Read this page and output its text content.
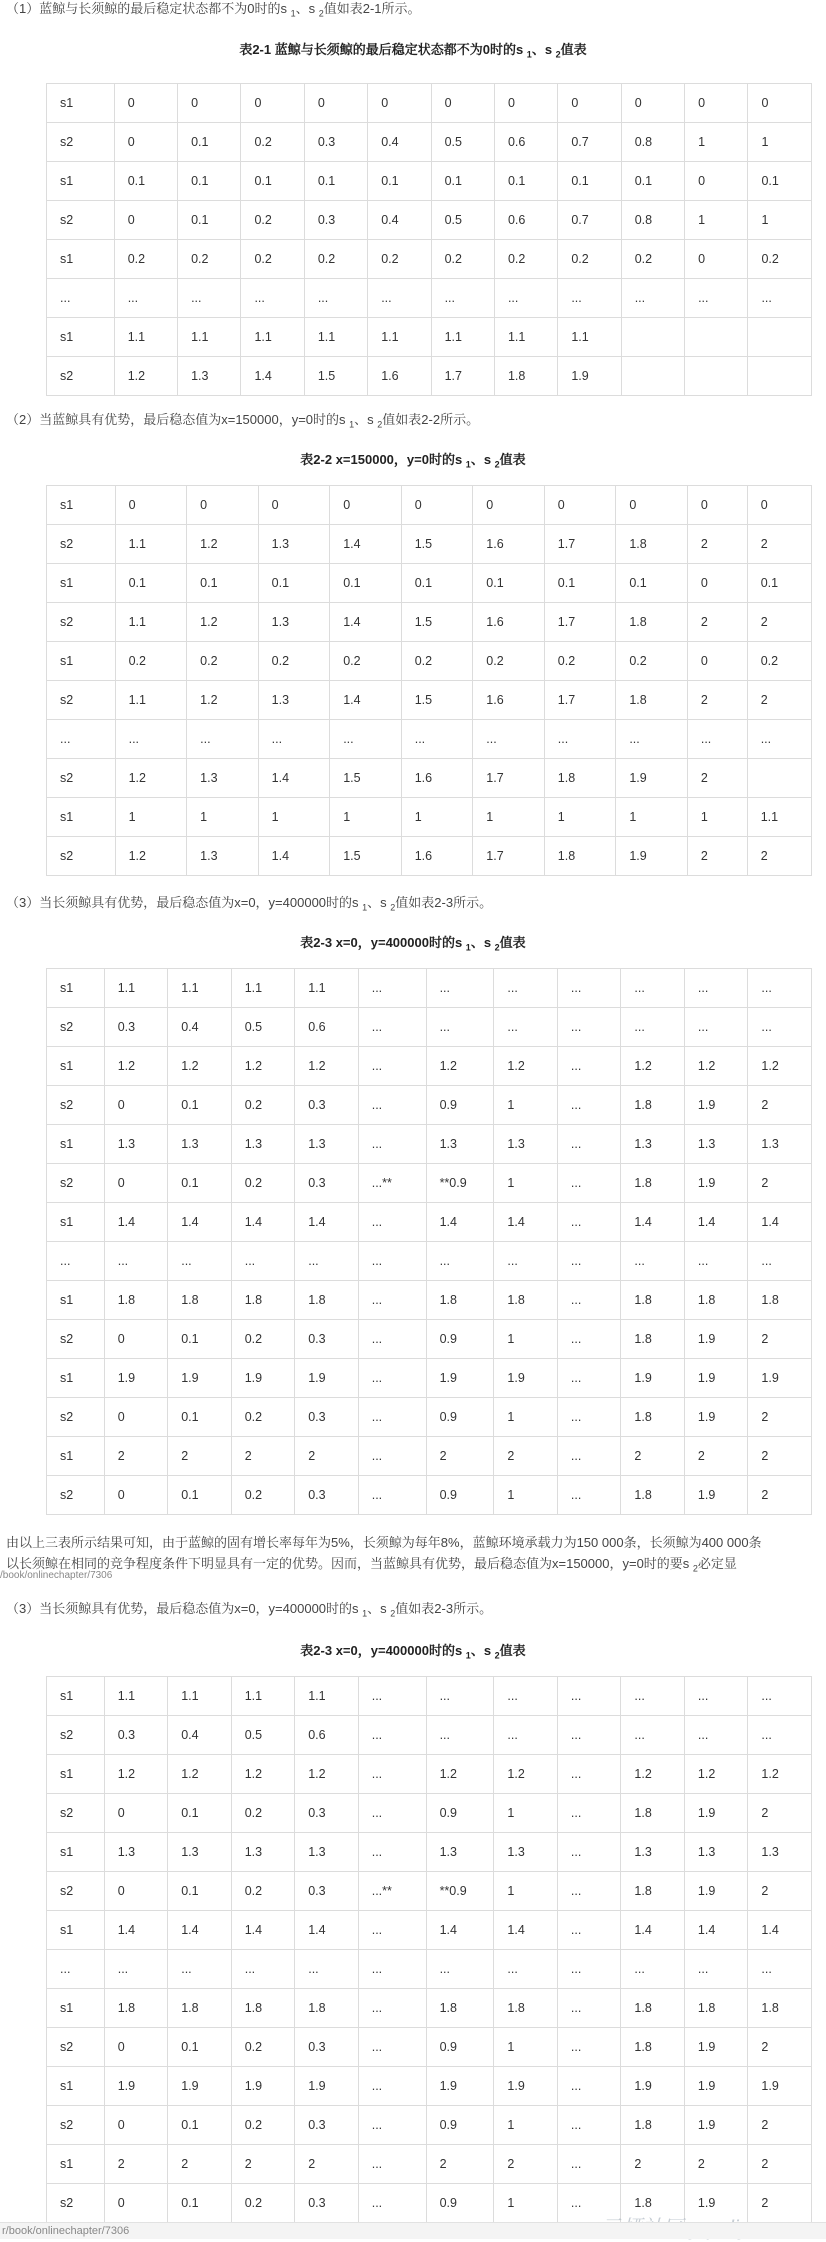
（1）蓝鲸与长须鲸的最后稳定状态都不为0时的s $_1$、s $_2$值如表2-1所示。
表2-1 蓝鲸与长须鲸的最后稳定状态都不为0时的s $_1$、s $_2$值表
s1	0	0	0	0	0	0	0	0	0	0	0
s2	0	0.1	0.2	0.3	0.4	0.5	0.6	0.7	0.8	1	1
s1	0.1	0.1	0.1	0.1	0.1	0.1	0.1	0.1	0.1	0	0.1
s2	0	0.1	0.2	0.3	0.4	0.5	0.6	0.7	0.8	1	1
s1	0.2	0.2	0.2	0.2	0.2	0.2	0.2	0.2	0.2	0	0.2
...	...	...	...	...	...	...	...	...	...	...	...
s1	1.1	1.1	1.1	1.1	1.1	1.1	1.1	1.1			
s2	1.2	1.3	1.4	1.5	1.6	1.7	1.8	1.9			
（2）当蓝鲸具有优势，最后稳态值为x=150000，y=0时的s $_1$、s $_2$值如表2-2所示。
表2-2 x=150000，y=0时的s $_1$、s $_2$值表
s1	0	0	0	0	0	0	0	0	0	0
s2	1.1	1.2	1.3	1.4	1.5	1.6	1.7	1.8	2	2
s1	0.1	0.1	0.1	0.1	0.1	0.1	0.1	0.1	0	0.1
s2	1.1	1.2	1.3	1.4	1.5	1.6	1.7	1.8	2	2
s1	0.2	0.2	0.2	0.2	0.2	0.2	0.2	0.2	0	0.2
s2	1.1	1.2	1.3	1.4	1.5	1.6	1.7	1.8	2	2
...	...	...	...	...	...	...	...	...	...	...
s2	1.2	1.3	1.4	1.5	1.6	1.7	1.8	1.9	2	
s1	1	1	1	1	1	1	1	1	1	1.1
s2	1.2	1.3	1.4	1.5	1.6	1.7	1.8	1.9	2	2
（3）当长须鲸具有优势，最后稳态值为x=0，y=400000时的s $_1$、s $_2$值如表2-3所示。
表2-3 x=0，y=400000时的s $_1$、s $_2$值表
s1	1.1	1.1	1.1	1.1	...	...	...	...	...	...	...
s2	0.3	0.4	0.5	0.6	...	...	...	...	...	...	...
s1	1.2	1.2	1.2	1.2	...	1.2	1.2	...	1.2	1.2	1.2
s2	0	0.1	0.2	0.3	...	0.9	1	...	1.8	1.9	2
s1	1.3	1.3	1.3	1.3	...	1.3	1.3	...	1.3	1.3	1.3
s2	0	0.1	0.2	0.3	...**	**0.9	1	...	1.8	1.9	2
s1	1.4	1.4	1.4	1.4	...	1.4	1.4	...	1.4	1.4	1.4
...	...	...	...	...	...	...	...	...	...	...	...
s1	1.8	1.8	1.8	1.8	...	1.8	1.8	...	1.8	1.8	1.8
s2	0	0.1	0.2	0.3	...	0.9	1	...	1.8	1.9	2
s1	1.9	1.9	1.9	1.9	...	1.9	1.9	...	1.9	1.9	1.9
s2	0	0.1	0.2	0.3	...	0.9	1	...	1.8	1.9	2
s1	2	2	2	2	...	2	2	...	2	2	2
s2	0	0.1	0.2	0.3	...	0.9	1	...	1.8	1.9	2
由以上三表所示结果可知，由于蓝鲸的固有增长率每年为5%，长须鲸为每年8%，蓝鲸环境承载力为150 000条，长须鲸为400 000条
以长须鲸在相同的竞争程度条件下明显具有一定的优势。因而，当蓝鲸具有优势，最后稳态值为x=150000，y=0时的要s $_2$必定显
/book/onlinechapter/7306
（3）当长须鲸具有优势，最后稳态值为x=0，y=400000时的s $_1$、s $_2$值如表2-3所示。
表2-3 x=0，y=400000时的s $_1$、s $_2$值表
s1	1.1	1.1	1.1	1.1	...	...	...	...	...	...	...
s2	0.3	0.4	0.5	0.6	...	...	...	...	...	...	...
s1	1.2	1.2	1.2	1.2	...	1.2	1.2	...	1.2	1.2	1.2
s2	0	0.1	0.2	0.3	...	0.9	1	...	1.8	1.9	2
s1	1.3	1.3	1.3	1.3	...	1.3	1.3	...	1.3	1.3	1.3
s2	0	0.1	0.2	0.3	...**	**0.9	1	...	1.8	1.9	2
s1	1.4	1.4	1.4	1.4	...	1.4	1.4	...	1.4	1.4	1.4
...	...	...	...	...	...	...	...	...	...	...	...
s1	1.8	1.8	1.8	1.8	...	1.8	1.8	...	1.8	1.8	1.8
s2	0	0.1	0.2	0.3	...	0.9	1	...	1.8	1.9	2
s1	1.9	1.9	1.9	1.9	...	1.9	1.9	...	1.9	1.9	1.9
s2	0	0.1	0.2	0.3	...	0.9	1	...	1.8	1.9	2
s1	2	2	2	2	...	2	2	...	2	2	2
s2	0	0.1	0.2	0.3	...	0.9	1	...	1.8	1.9	2
r/book/onlinechapter/7306
